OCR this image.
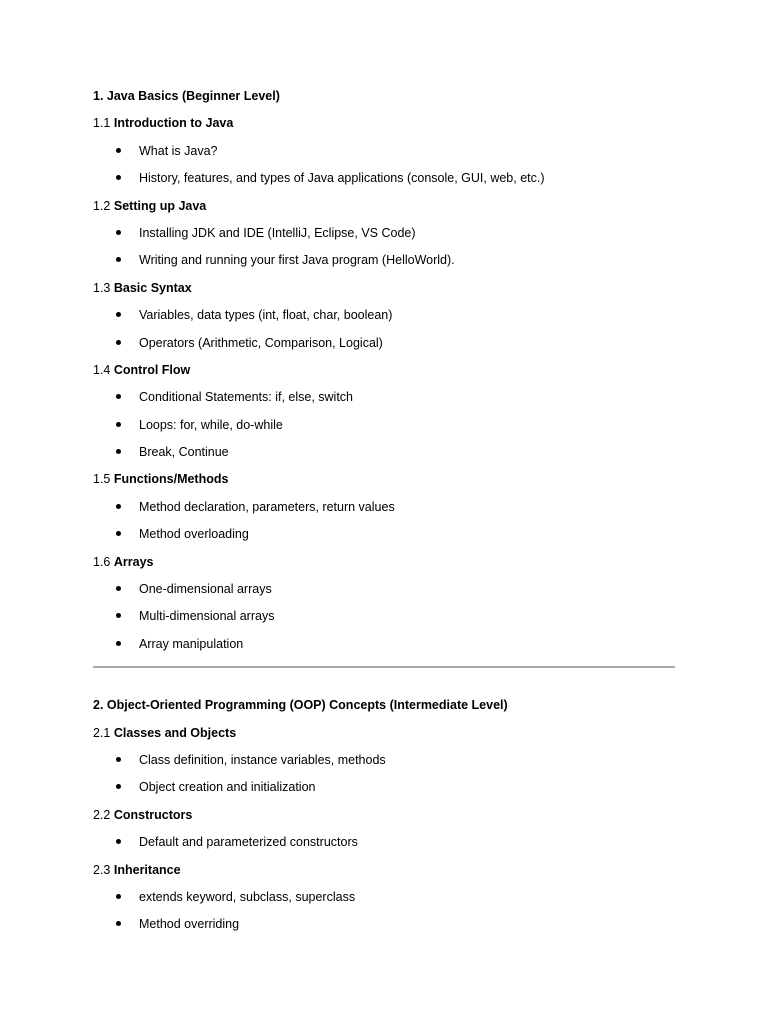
1. Java Basics (Beginner Level)
1.1 Introduction to Java
What is Java?
History, features, and types of Java applications (console, GUI, web, etc.)
1.2 Setting up Java
Installing JDK and IDE (IntelliJ, Eclipse, VS Code)
Writing and running your first Java program (HelloWorld).
1.3 Basic Syntax
Variables, data types (int, float, char, boolean)
Operators (Arithmetic, Comparison, Logical)
1.4 Control Flow
Conditional Statements: if, else, switch
Loops: for, while, do-while
Break, Continue
1.5 Functions/Methods
Method declaration, parameters, return values
Method overloading
1.6 Arrays
One-dimensional arrays
Multi-dimensional arrays
Array manipulation
2. Object-Oriented Programming (OOP) Concepts (Intermediate Level)
2.1 Classes and Objects
Class definition, instance variables, methods
Object creation and initialization
2.2 Constructors
Default and parameterized constructors
2.3 Inheritance
extends keyword, subclass, superclass
Method overriding
